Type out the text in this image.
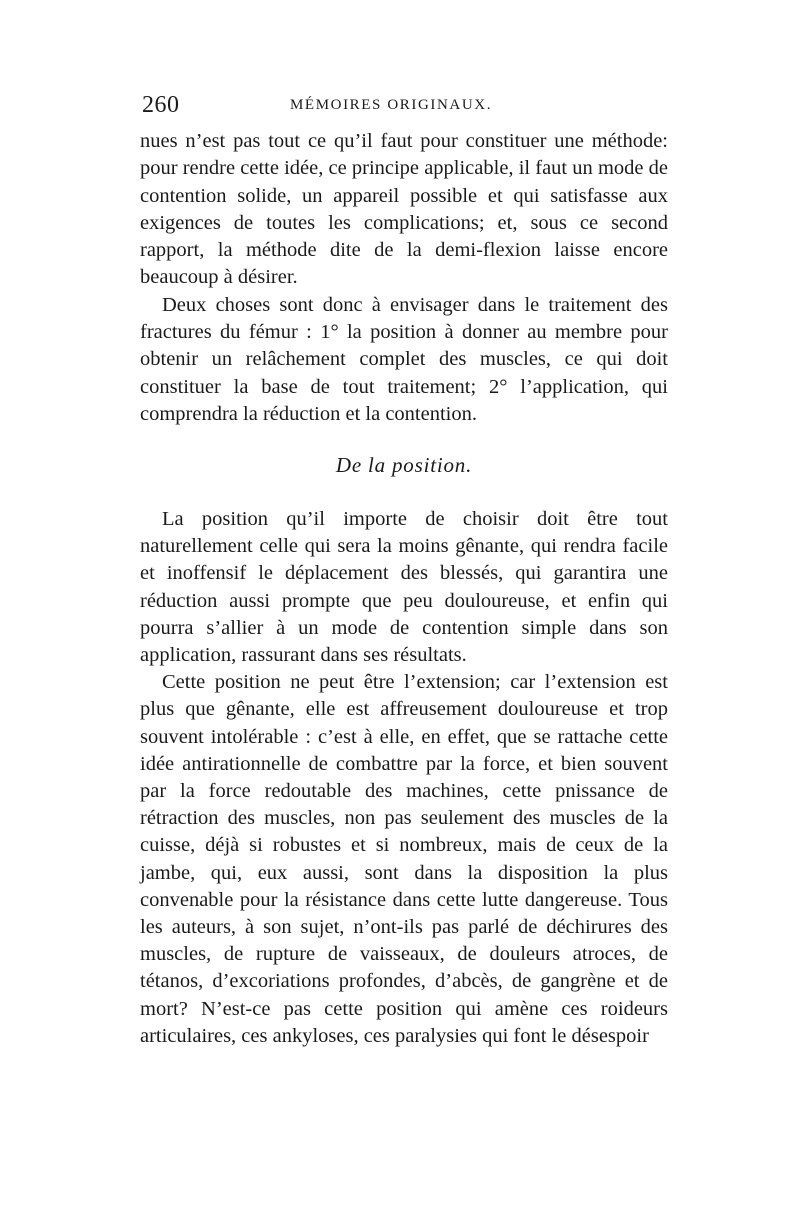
260	MÉMOIRES ORIGINAUX.

nues n’est pas tout ce qu’il faut pour constituer une méthode: pour rendre cette idée, ce principe applicable, il faut un mode de contention solide, un appareil possible et qui satisfasse aux exigences de toutes les complications; et, sous ce second rapport, la méthode dite de la demi-flexion laisse encore beaucoup à désirer.

Deux choses sont donc à envisager dans le traitement des fractures du fémur : 1° la position à donner au membre pour obtenir un relâchement complet des muscles, ce qui doit constituer la base de tout traitement; 2° l’application, qui comprendra la réduction et la contention.

De la position.

La position qu’il importe de choisir doit être tout naturellement celle qui sera la moins gênante, qui rendra facile et inoffensif le déplacement des blessés, qui garantira une réduction aussi prompte que peu douloureuse, et enfin qui pourra s’allier à un mode de contention simple dans son application, rassurant dans ses résultats.

Cette position ne peut être l’extension; car l’extension est plus que gênante, elle est affreusement douloureuse et trop souvent intolérable : c’est à elle, en effet, que se rattache cette idée antirationnelle de combattre par la force, et bien souvent par la force redoutable des machines, cette pnissance de rétraction des muscles, non pas seulement des muscles de la cuisse, déjà si robustes et si nombreux, mais de ceux de la jambe, qui, eux aussi, sont dans la disposition la plus convenable pour la résistance dans cette lutte dangereuse. Tous les auteurs, à son sujet, n’ont-ils pas parlé de déchirures des muscles, de rupture de vaisseaux, de douleurs atroces, de tétanos, d’excoriations profondes, d’abcès, de gangrène et de mort? N’est-ce pas cette position qui amène ces roideurs articulaires, ces ankyloses, ces paralysies qui font le désespoir
